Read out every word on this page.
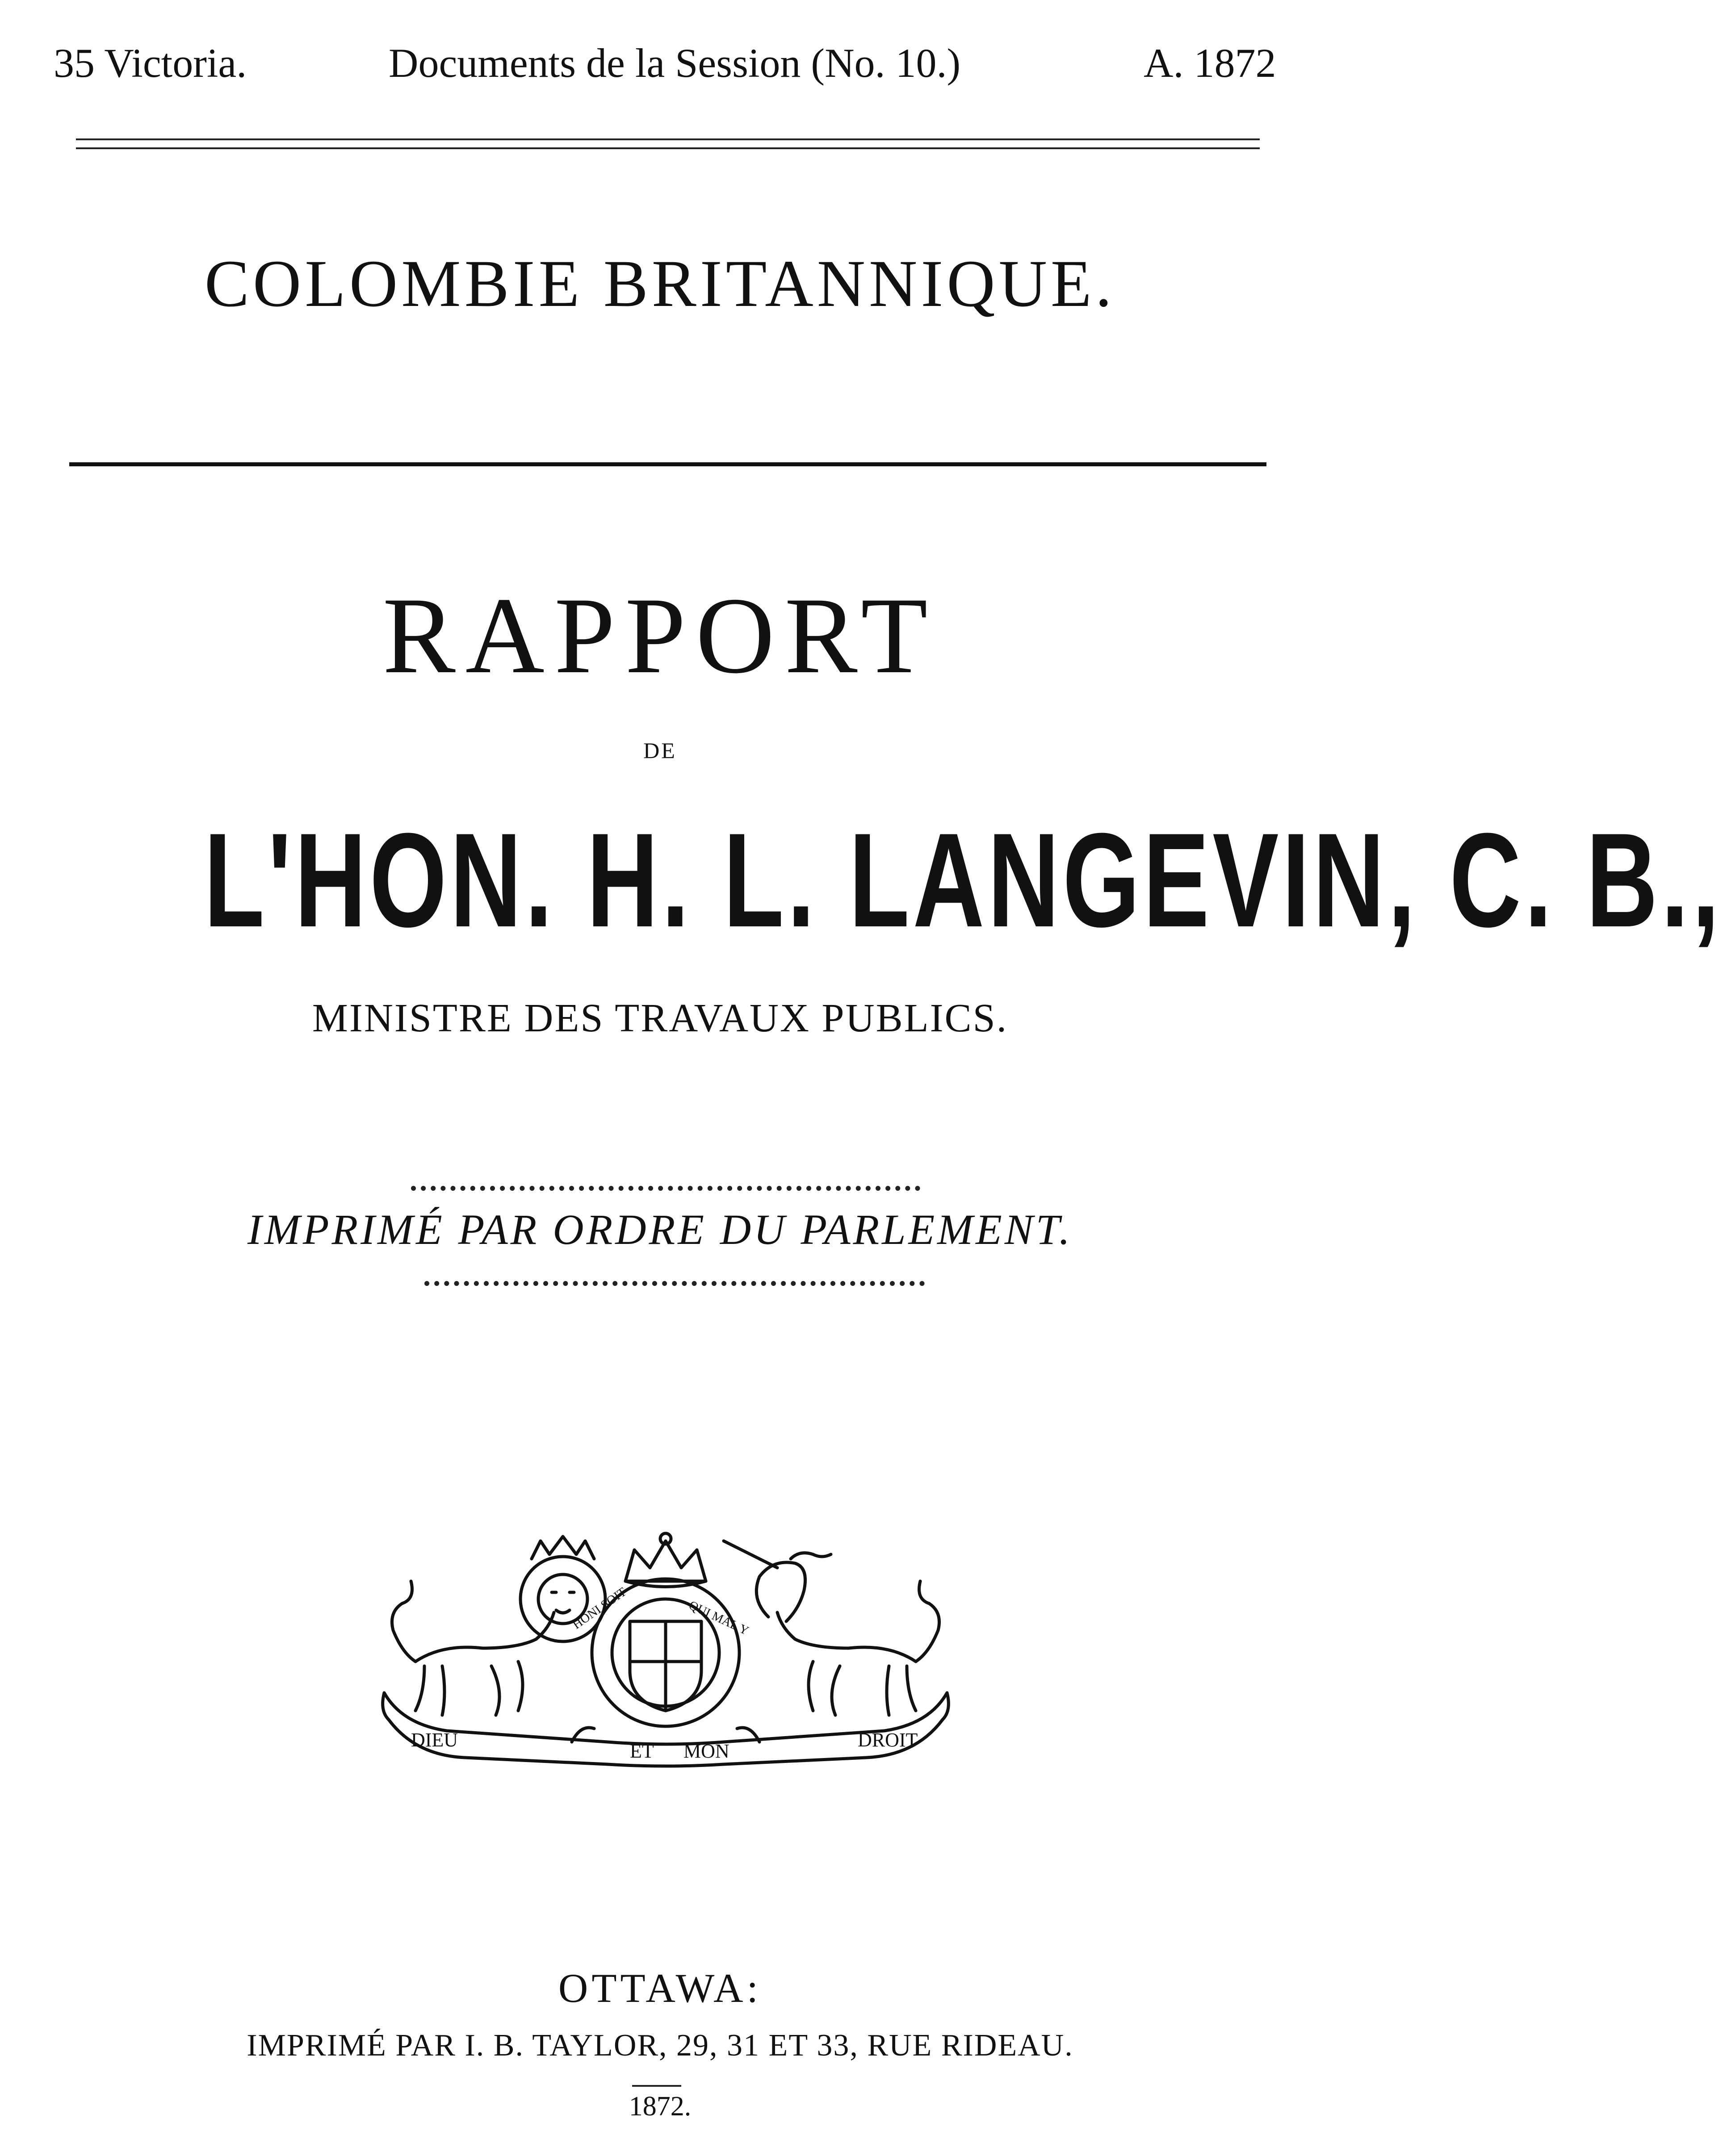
35 Victoria.	Documents de la Session (No. 10.)	A. 1872
COLOMBIE BRITANNIQUE.
RAPPORT
DE
L'HON. H. L. LANGEVIN, C. B.,
MINISTRE DES TRAVAUX PUBLICS.
IMPRIMÉ PAR ORDRE DU PARLEMENT.
HONI SOIT	QUI MAL Y
DIEU
ET MON
DROIT
OTTAWA:
IMPRIMÉ PAR I. B. TAYLOR, 29, 31 ET 33, RUE RIDEAU.
1872.
